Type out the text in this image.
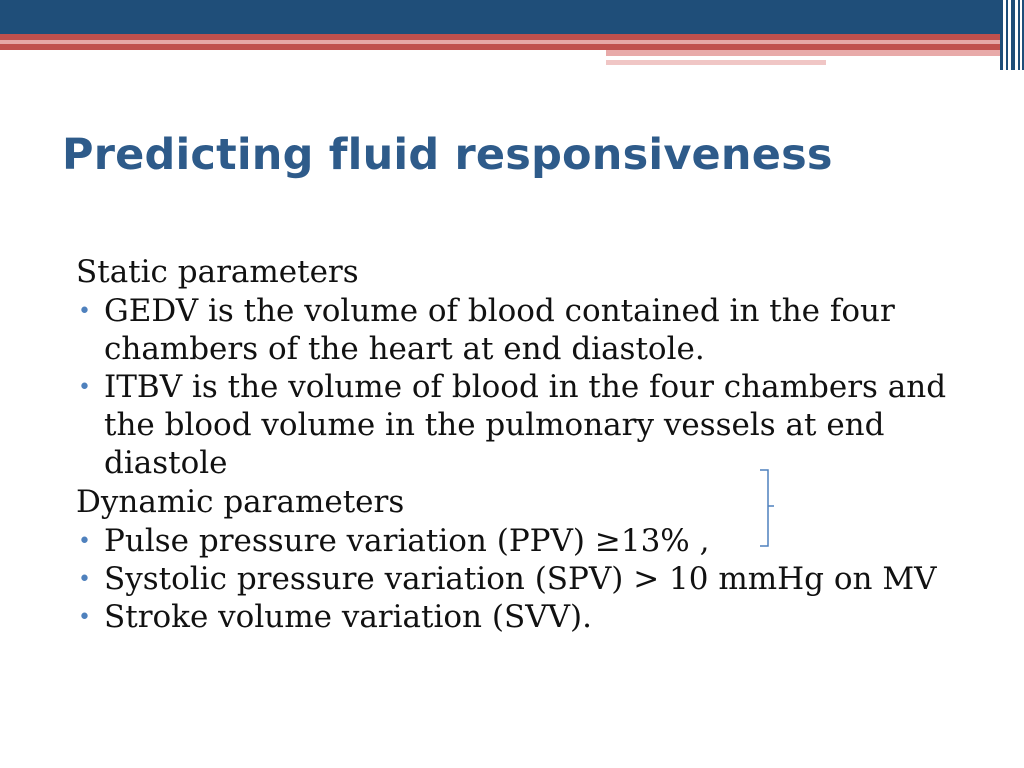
Predicting fluid responsiveness

Static parameters

• GEDV is the volume of blood contained in the four chambers of the heart at end diastole.
• ITBV is the volume of blood in the four chambers and the blood volume in the pulmonary vessels at end diastole

Dynamic parameters

• Pulse pressure variation (PPV) ≥13% ,
• Systolic pressure variation (SPV) > 10 mmHg on MV
• Stroke volume variation (SVV).
